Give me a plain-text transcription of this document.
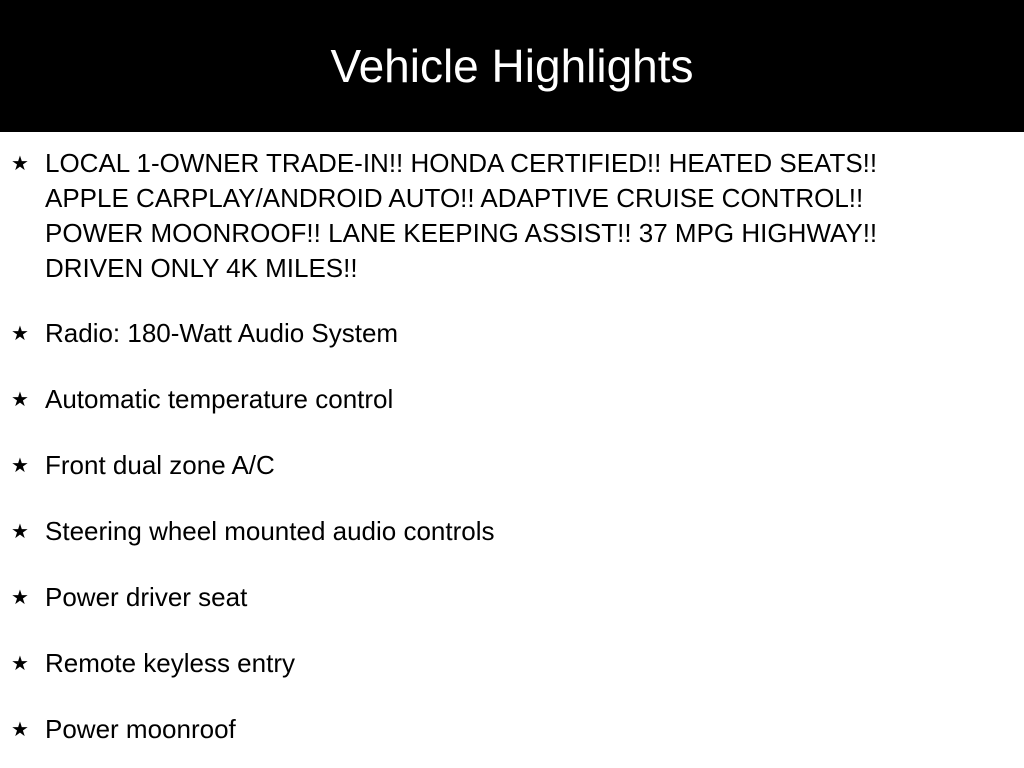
Vehicle Highlights
★ LOCAL 1-OWNER TRADE-IN!! HONDA CERTIFIED!! HEATED SEATS!! APPLE CARPLAY/ANDROID AUTO!! ADAPTIVE CRUISE CONTROL!! POWER MOONROOF!! LANE KEEPING ASSIST!! 37 MPG HIGHWAY!! DRIVEN ONLY 4K MILES!!
★ Radio: 180-Watt Audio System
★ Automatic temperature control
★ Front dual zone A/C
★ Steering wheel mounted audio controls
★ Power driver seat
★ Remote keyless entry
★ Power moonroof
